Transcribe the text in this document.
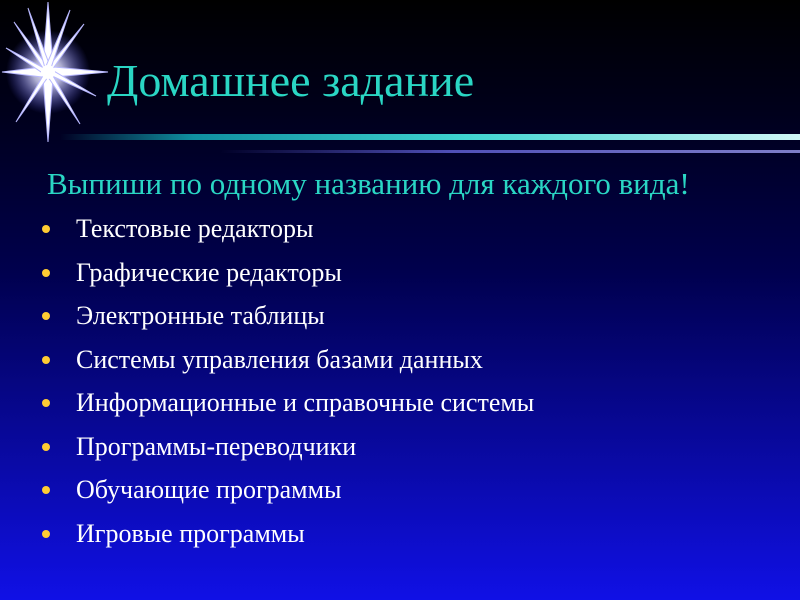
Домашнее задание

Выпиши по одному названию для каждого вида!

Текстовые редакторы
Графические редакторы
Электронные таблицы
Системы управления базами данных
Информационные и справочные системы
Программы-переводчики
Обучающие программы
Игровые программы
